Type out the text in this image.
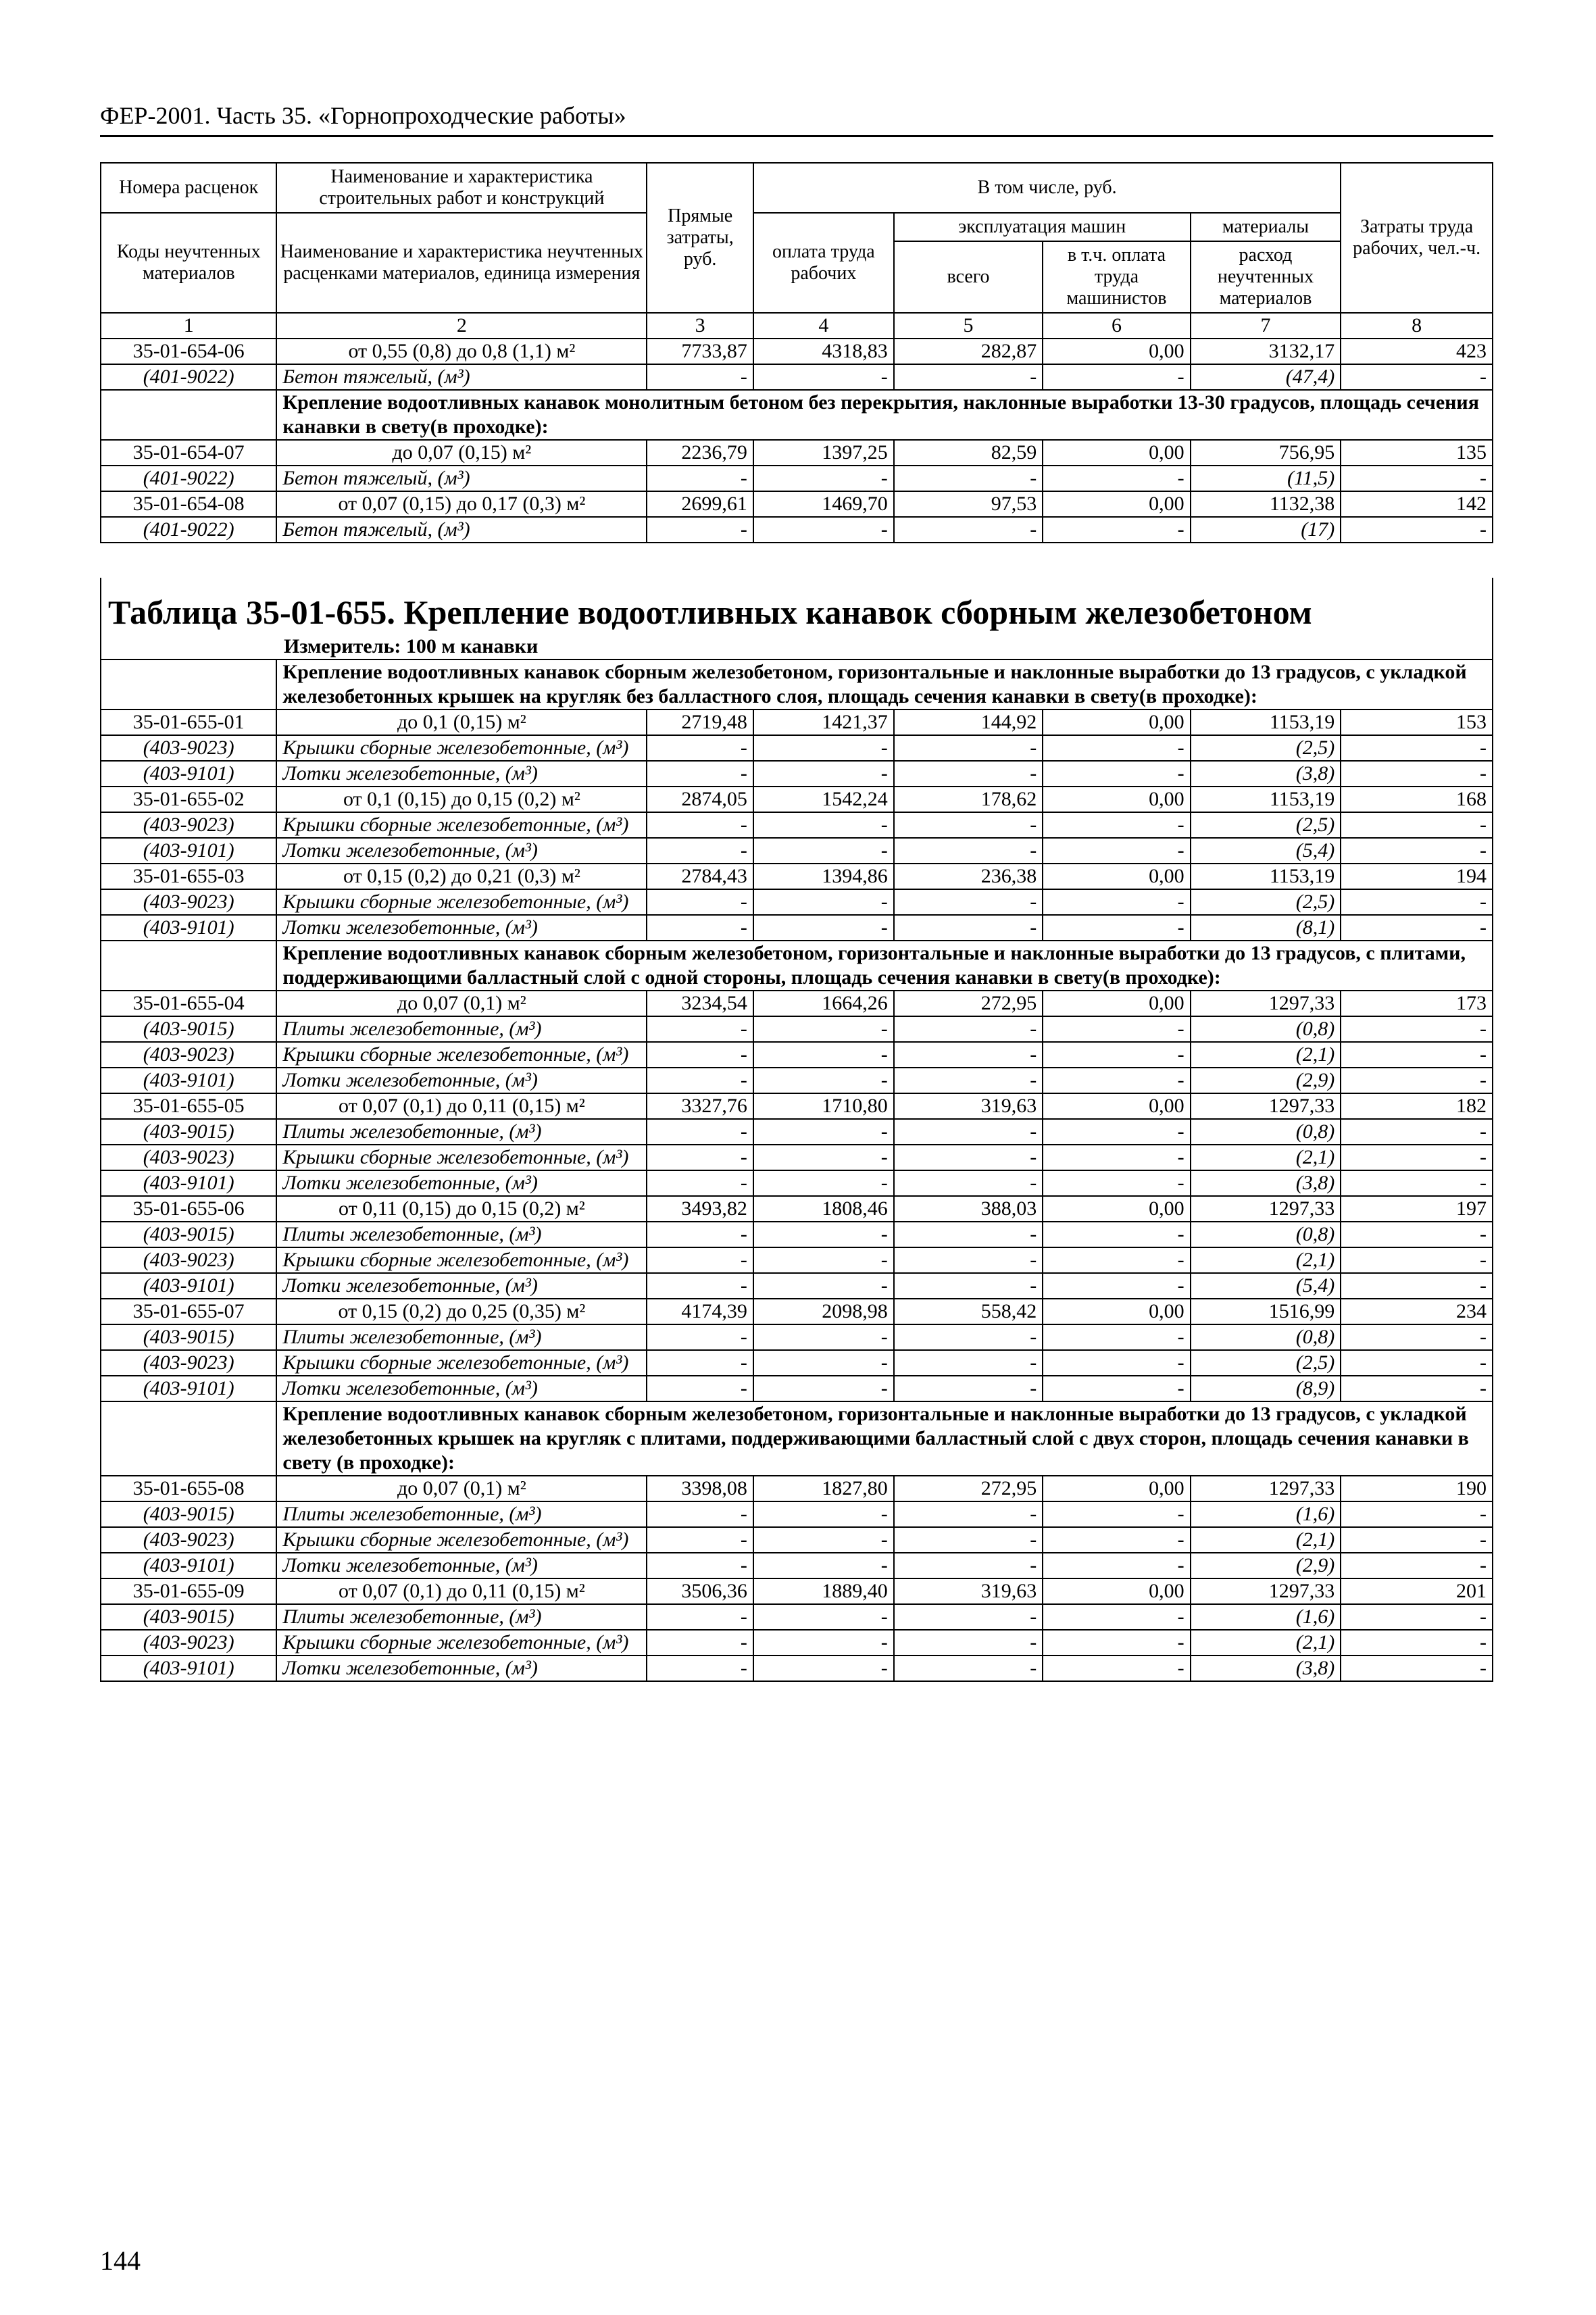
ФЕР-2001. Часть 35. «Горнопроходческие работы»
Номера расценок	Наименование и характеристика строительных работ и конструкций	Прямые затраты, руб.	В том числе, руб.				Затраты труда рабочих, чел.-ч.
Коды неучтенных материалов	Наименование и характеристика неучтенных расценками материалов, единица измерения		оплата труда рабочих	эксплуатация машин		материалы	
				всего	в т.ч. оплата труда машинистов	расход неучтенных материалов	
1	2	3	4	5	6	7	8
35-01-654-06	от 0,55 (0,8) до 0,8 (1,1) м²	7733,87	4318,83	282,87	0,00	3132,17	423
(401-9022)	Бетон тяжелый, (м³)	-	-	-	-	(47,4)	-
	Крепление водоотливных канавок монолитным бетоном без перекрытия, наклонные выработки 13-30 градусов, площадь сечения канавки в свету(в проходке):						
35-01-654-07	до 0,07 (0,15) м²	2236,79	1397,25	82,59	0,00	756,95	135
(401-9022)	Бетон тяжелый, (м³)	-	-	-	-	(11,5)	-
35-01-654-08	от 0,07 (0,15) до 0,17 (0,3) м²	2699,61	1469,70	97,53	0,00	1132,38	142
(401-9022)	Бетон тяжелый, (м³)	-	-	-	-	(17)	-
Таблица 35-01-655. Крепление водоотливных канавок сборным железобетоном							
Измеритель: 100 м канавки							
	Крепление водоотливных канавок сборным железобетоном, горизонтальные и наклонные выработки до 13 градусов, с укладкой железобетонных крышек на кругляк без балластного слоя, площадь сечения канавки в свету(в проходке):						
35-01-655-01	до 0,1 (0,15) м²	2719,48	1421,37	144,92	0,00	1153,19	153
(403-9023)	Крышки сборные железобетонные, (м³)	-	-	-	-	(2,5)	-
(403-9101)	Лотки железобетонные, (м³)	-	-	-	-	(3,8)	-
35-01-655-02	от 0,1 (0,15) до 0,15 (0,2) м²	2874,05	1542,24	178,62	0,00	1153,19	168
(403-9023)	Крышки сборные железобетонные, (м³)	-	-	-	-	(2,5)	-
(403-9101)	Лотки железобетонные, (м³)	-	-	-	-	(5,4)	-
35-01-655-03	от 0,15 (0,2) до 0,21 (0,3) м²	2784,43	1394,86	236,38	0,00	1153,19	194
(403-9023)	Крышки сборные железобетонные, (м³)	-	-	-	-	(2,5)	-
(403-9101)	Лотки железобетонные, (м³)	-	-	-	-	(8,1)	-
	Крепление водоотливных канавок сборным железобетоном, горизонтальные и наклонные выработки до 13 градусов, с плитами, поддерживающими балластный слой с одной стороны, площадь сечения канавки в свету(в проходке):						
35-01-655-04	до 0,07 (0,1) м²	3234,54	1664,26	272,95	0,00	1297,33	173
(403-9015)	Плиты железобетонные, (м³)	-	-	-	-	(0,8)	-
(403-9023)	Крышки сборные железобетонные, (м³)	-	-	-	-	(2,1)	-
(403-9101)	Лотки железобетонные, (м³)	-	-	-	-	(2,9)	-
35-01-655-05	от 0,07 (0,1) до 0,11 (0,15) м²	3327,76	1710,80	319,63	0,00	1297,33	182
(403-9015)	Плиты железобетонные, (м³)	-	-	-	-	(0,8)	-
(403-9023)	Крышки сборные железобетонные, (м³)	-	-	-	-	(2,1)	-
(403-9101)	Лотки железобетонные, (м³)	-	-	-	-	(3,8)	-
35-01-655-06	от 0,11 (0,15) до 0,15 (0,2) м²	3493,82	1808,46	388,03	0,00	1297,33	197
(403-9015)	Плиты железобетонные, (м³)	-	-	-	-	(0,8)	-
(403-9023)	Крышки сборные железобетонные, (м³)	-	-	-	-	(2,1)	-
(403-9101)	Лотки железобетонные, (м³)	-	-	-	-	(5,4)	-
35-01-655-07	от 0,15 (0,2) до 0,25 (0,35) м²	4174,39	2098,98	558,42	0,00	1516,99	234
(403-9015)	Плиты железобетонные, (м³)	-	-	-	-	(0,8)	-
(403-9023)	Крышки сборные железобетонные, (м³)	-	-	-	-	(2,5)	-
(403-9101)	Лотки железобетонные, (м³)	-	-	-	-	(8,9)	-
	Крепление водоотливных канавок сборным железобетоном, горизонтальные и наклонные выработки до 13 градусов, с укладкой железобетонных крышек на кругляк с плитами, поддерживающими балластный слой с двух сторон, площадь сечения канавки в свету (в проходке):						
35-01-655-08	до 0,07 (0,1) м²	3398,08	1827,80	272,95	0,00	1297,33	190
(403-9015)	Плиты железобетонные, (м³)	-	-	-	-	(1,6)	-
(403-9023)	Крышки сборные железобетонные, (м³)	-	-	-	-	(2,1)	-
(403-9101)	Лотки железобетонные, (м³)	-	-	-	-	(2,9)	-
35-01-655-09	от 0,07 (0,1) до 0,11 (0,15) м²	3506,36	1889,40	319,63	0,00	1297,33	201
(403-9015)	Плиты железобетонные, (м³)	-	-	-	-	(1,6)	-
(403-9023)	Крышки сборные железобетонные, (м³)	-	-	-	-	(2,1)	-
(403-9101)	Лотки железобетонные, (м³)	-	-	-	-	(3,8)	-
144
